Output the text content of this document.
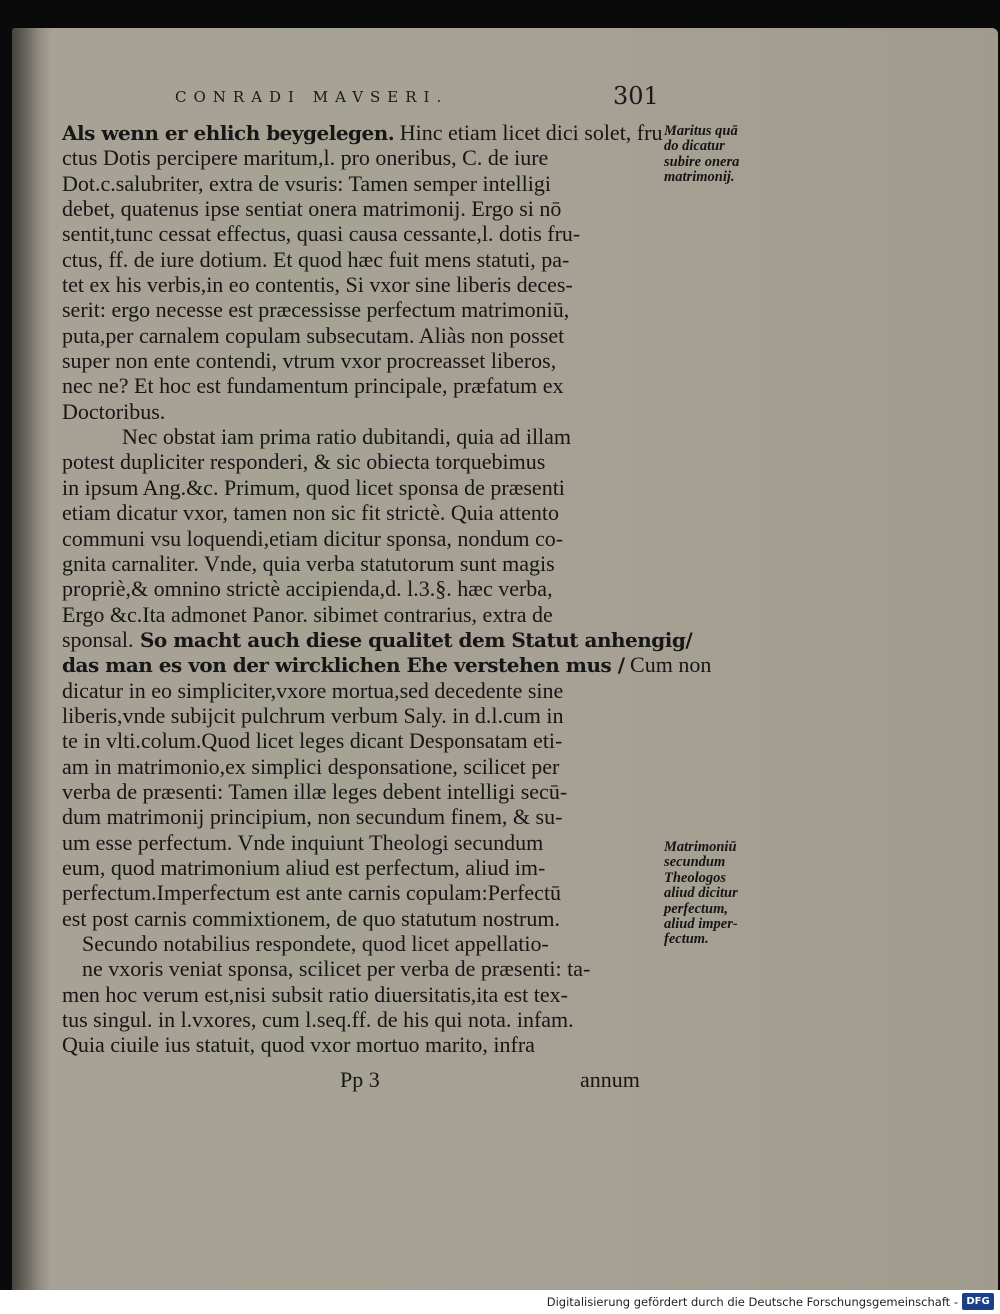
CONRADI MAVSERI.	301
Als wenn er ehlich beygelegen. Hinc etiam licet dici solet, fru
ctus Dotis percipere maritum,l. pro oneribus, C. de iure
Dot.c.salubriter, extra de vsuris: Tamen semper intelligi
debet, quatenus ipse sentiat onera matrimonij. Ergo si nō
sentit,tunc cessat effectus, quasi causa cessante,l. dotis fru-
ctus, ff. de iure dotium. Et quod hæc fuit mens statuti, pa-
tet ex his verbis,in eo contentis, Si vxor sine liberis deces-
serit: ergo necesse est præcessisse perfectum matrimoniū,
puta,per carnalem copulam subsecutam. Aliàs non posset
super non ente contendi, vtrum vxor procreasset liberos,
nec ne? Et hoc est fundamentum principale, præfatum ex
Doctoribus.
Nec obstat iam prima ratio dubitandi, quia ad illam
potest dupliciter responderi, & sic obiecta torquebimus
in ipsum Ang.&c. Primum, quod licet sponsa de præsenti
etiam dicatur vxor, tamen non sic fit strictè. Quia attento
communi vsu loquendi,etiam dicitur sponsa, nondum co-
gnita carnaliter. Vnde, quia verba statutorum sunt magis
propriè,& omnino strictè accipienda,d. l.3.§. hæc verba,
Ergo &c.Ita admonet Panor. sibimet contrarius, extra de
sponsal. So macht auch diese qualitet dem Statut anhengig/
das man es von der wircklichen Ehe verstehen mus / Cum non
dicatur in eo simpliciter,vxore mortua,sed decedente sine
liberis,vnde subijcit pulchrum verbum Saly. in d.l.cum in
te in vlti.colum.Quod licet leges dicant Desponsatam eti-
am in matrimonio,ex simplici desponsatione, scilicet per
verba de præsenti: Tamen illæ leges debent intelligi secū-
dum matrimonij principium, non secundum finem, & su-
um esse perfectum. Vnde inquiunt Theologi secundum
eum, quod matrimonium aliud est perfectum, aliud im-
perfectum.Imperfectum est ante carnis copulam:Perfectū
est post carnis commixtionem, de quo statutum nostrum.
Secundo notabilius respondete, quod licet appellatio-
ne vxoris veniat sponsa, scilicet per verba de præsenti: ta-
men hoc verum est,nisi subsit ratio diuersitatis,ita est tex-
tus singul. in l.vxores, cum l.seq.ff. de his qui nota. infam.
Quia ciuile ius statuit, quod vxor mortuo marito, infra
Maritus quā
do dicatur
subire onera
matrimonij.
Matrimoniū
secundum
Theologos
aliud dicitur
perfectum,
aliud imper-
fectum.
Pp 3	annum
Digitalisierung gefördert durch die Deutsche Forschungsgemeinschaft - DFG
